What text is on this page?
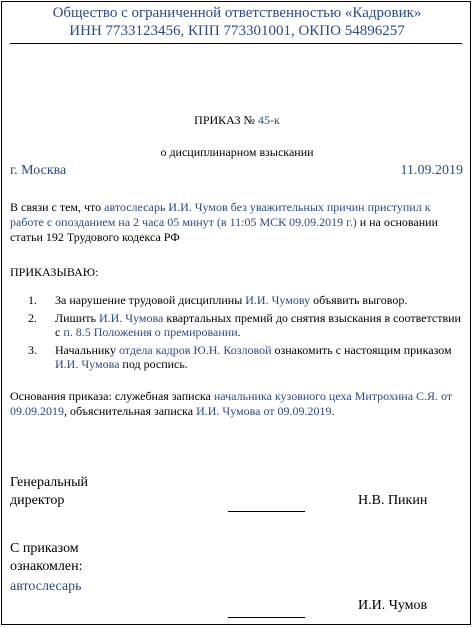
Общество с ограниченной ответственностью «Кадровик»
ИНН 7733123456, КПП 773301001, ОКПО 54896257
ПРИКАЗ № 45-к
о дисциплинарном взыскании
г. Москва	11.09.2019
В связи с тем, что автослесарь И.И. Чумов без уважительных причин приступил к работе с опозданием на 2 часа 05 минут (в 11:05 МСК 09.09.2019 г.) и на основании статьи 192 Трудового кодекса РФ
ПРИКАЗЫВАЮ:
1. За нарушение трудовой дисциплины И.И. Чумову объявить выговор.
2. Лишить И.И. Чумова квартальных премий до снятия взыскания в соответствии с п. 8.5 Положения о премировании.
3. Начальнику отдела кадров Ю.Н. Козловой ознакомить с настоящим приказом И.И. Чумова под роспись.
Основания приказа: служебная записка начальника кузовного цеха Митрохина С.Я. от 09.09.2019, объяснительная записка И.И. Чумова от 09.09.2019.
Генеральный
директор	Н.В. Пикин
С приказом
ознакомлен:
автослесарь
И.И. Чумов
